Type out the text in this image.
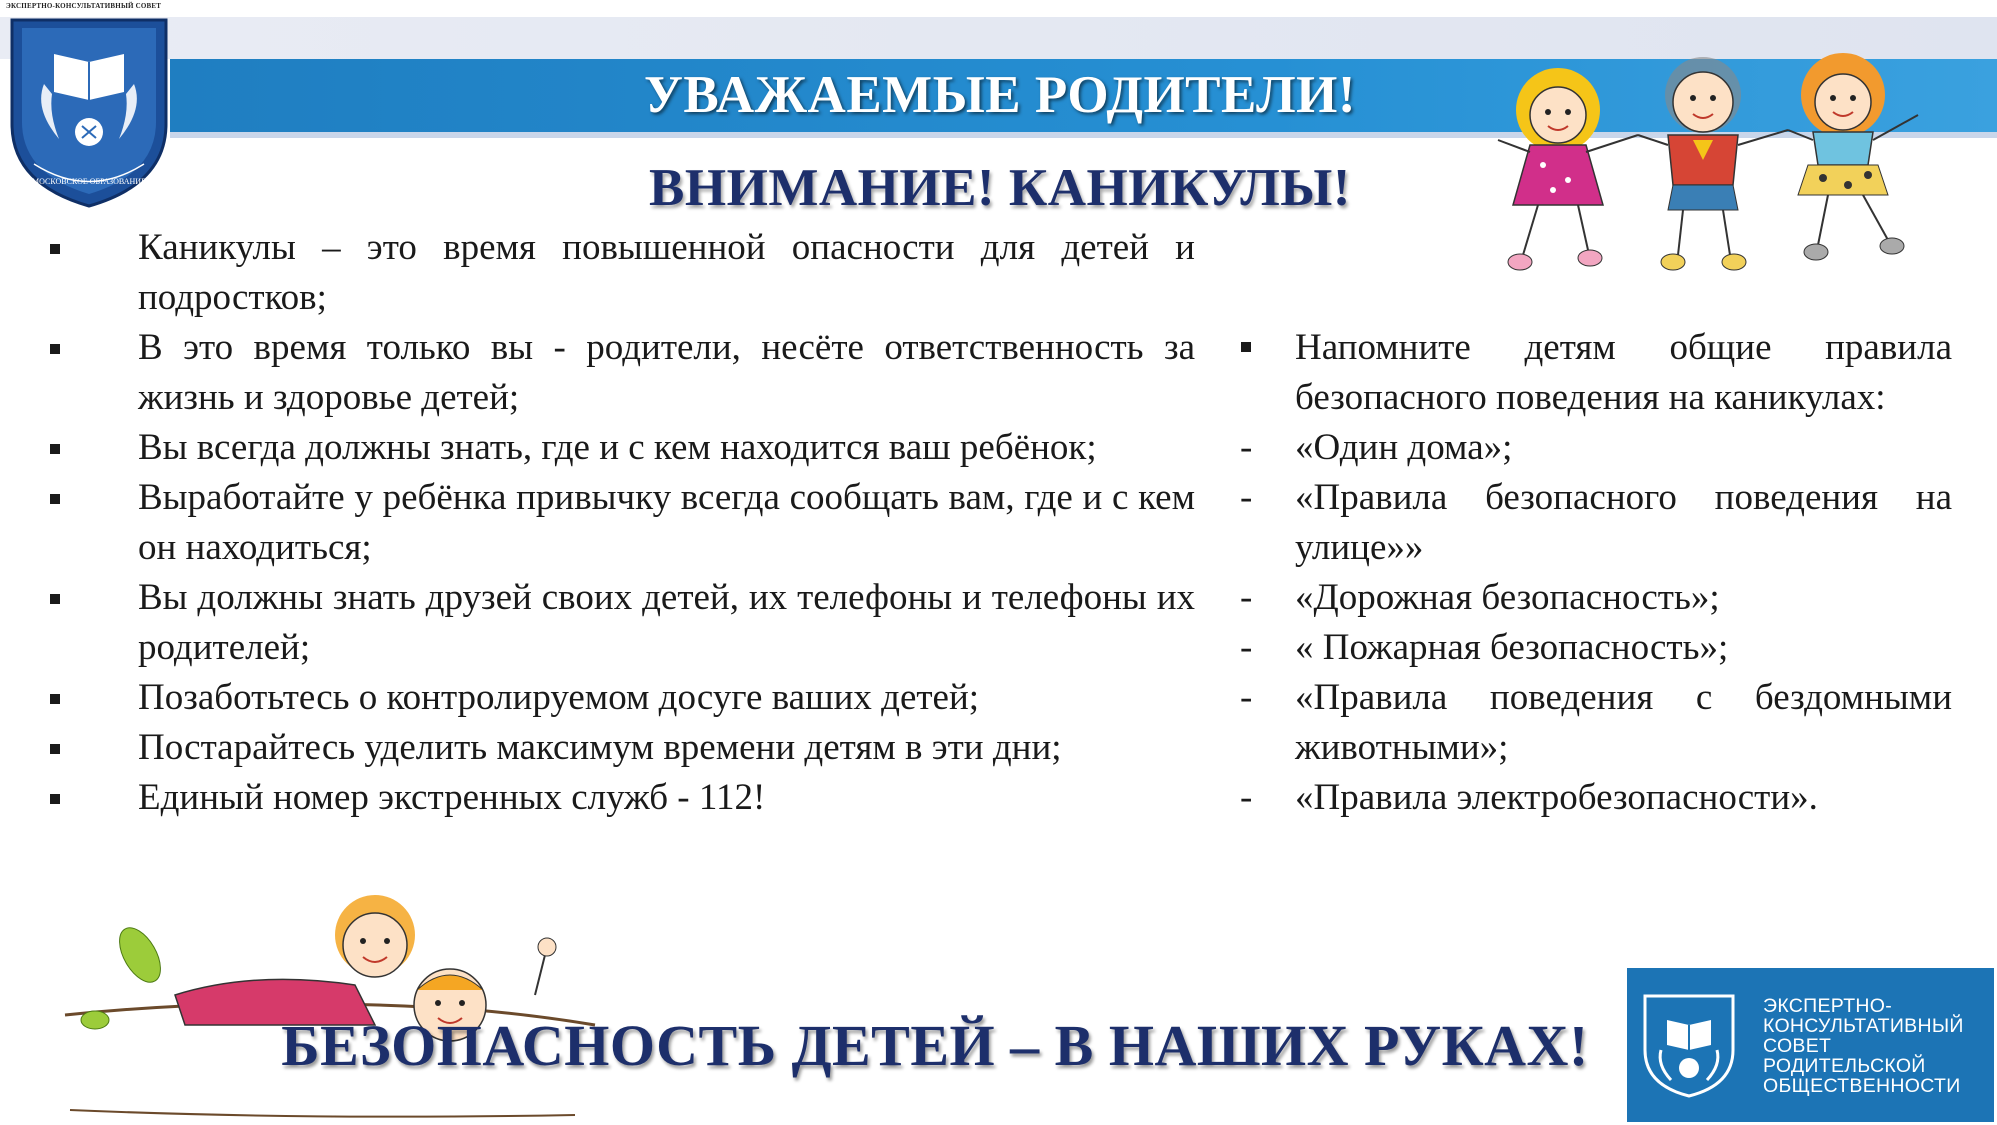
ЭКСПЕРТНО-КОНСУЛЬТАТИВНЫЙ СОВЕТ
МОСКОВСКОЕ ОБРАЗОВАНИЕ
УВАЖАЕМЫЕ РОДИТЕЛИ!
ВНИМАНИЕ! КАНИКУЛЫ!
Каникулы – это время повышенной опасности для детей и подростков;
В это время только вы - родители, несёте ответственность за жизнь и здоровье детей;
Вы всегда должны знать, где и с кем находится ваш ребёнок;
Выработайте у ребёнка привычку всегда сообщать вам, где и с кем он находиться;
Вы должны знать друзей своих детей, их телефоны и телефоны их родителей;
Позаботьтесь о контролируемом досуге ваших детей;
Постарайтесь уделить максимум времени детям в эти дни;
Единый номер экстренных служб - 112!
Напомните детям общие правила безопасного поведения на каникулах:
- «Один дома»;
- «Правила безопасного поведения на улице»»
- «Дорожная безопасность»;
- « Пожарная безопасность»;
- «Правила поведения с бездомными животными»;
- «Правила электробезопасности».
БЕЗОПАСНОСТЬ ДЕТЕЙ – В НАШИХ РУКАХ!
ЭКСПЕРТНО-
КОНСУЛЬТАТИВНЫЙ
СОВЕТ
РОДИТЕЛЬСКОЙ
ОБЩЕСТВЕННОСТИ
